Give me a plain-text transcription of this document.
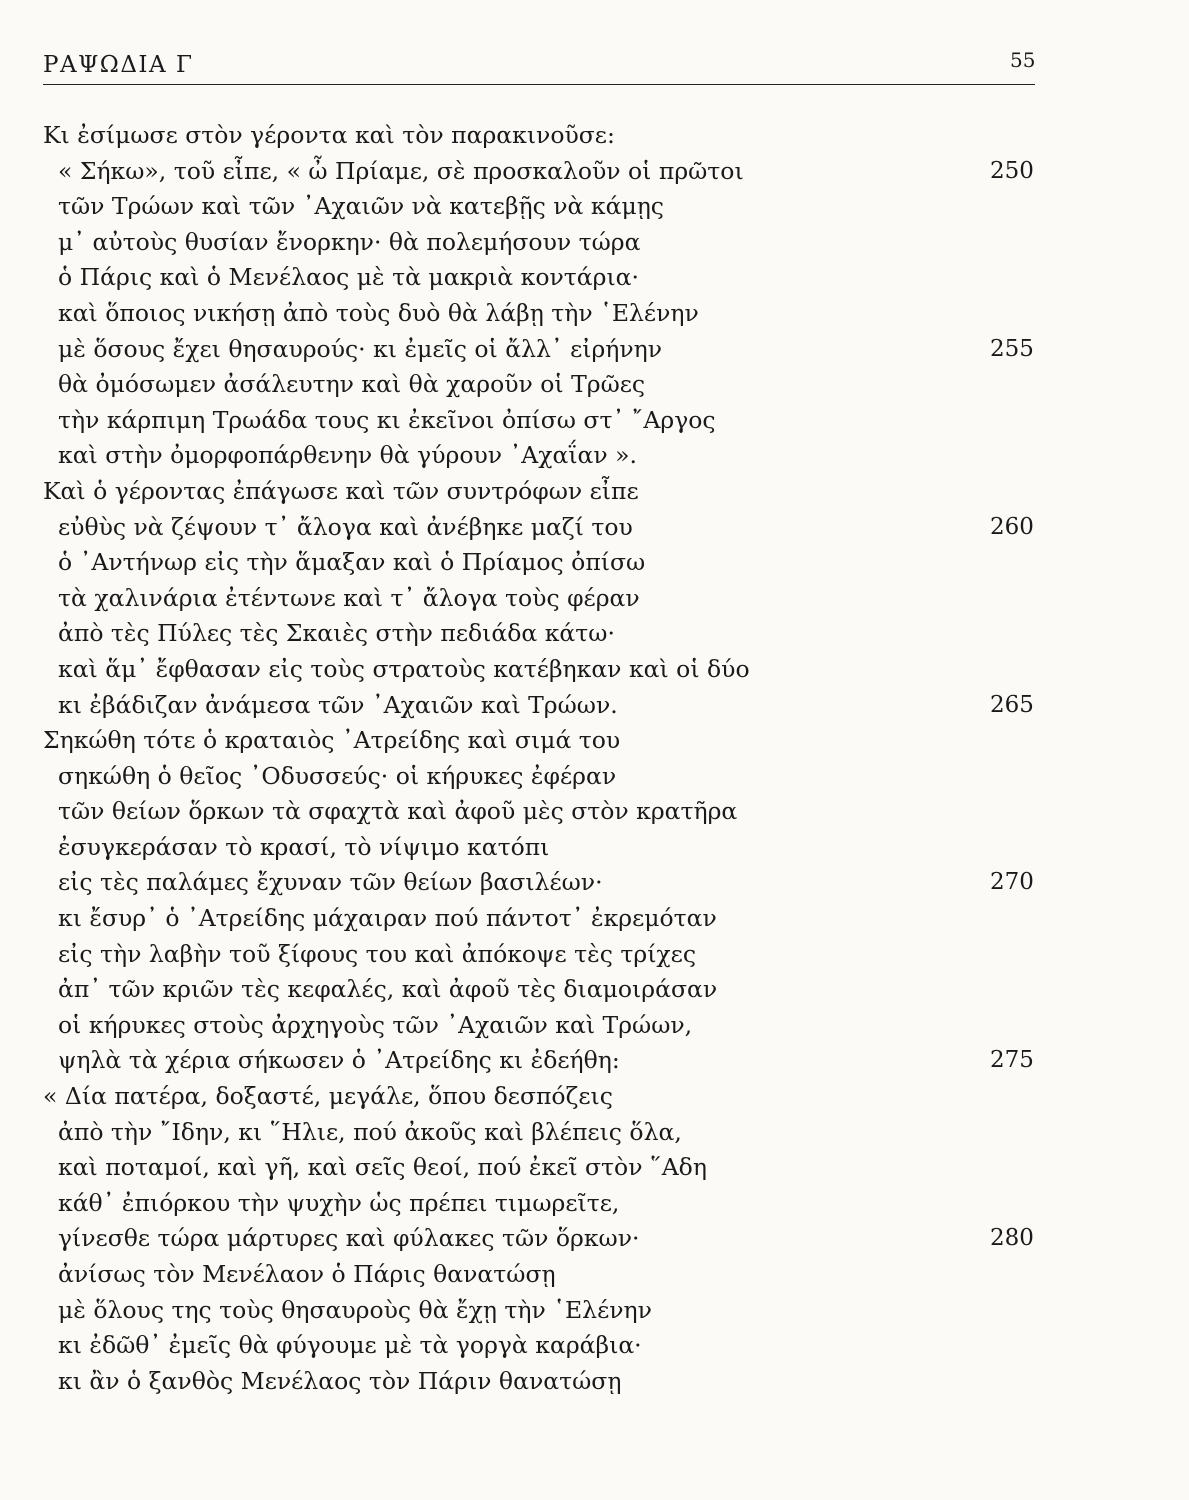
ΡΑΨΩΔΙΑ Γ	55
Κι ἐσίμωσε στὸν γέροντα καὶ τὸν παρακινοῦσε:
« Σήκω», τοῦ εἶπε, « ὦ Πρίαμε, σὲ προσκαλοῦν οἱ πρῶτοι	250
τῶν Τρώων καὶ τῶν ᾿Αχαιῶν νὰ κατεβῇς νὰ κάμῃς
μ᾿ αὐτοὺς θυσίαν ἔνορκην· θὰ πολεμήσουν τώρα
ὁ Πάρις καὶ ὁ Μενέλαος μὲ τὰ μακριὰ κοντάρια·
καὶ ὅποιος νικήσῃ ἀπὸ τοὺς δυὸ θὰ λάβῃ τὴν ῾Ελένην
μὲ ὅσους ἔχει θησαυρούς· κι ἐμεῖς οἱ ἄλλ᾿ εἰρήνην	255
θὰ ὀμόσωμεν ἀσάλευτην καὶ θὰ χαροῦν οἱ Τρῶες
τὴν κάρπιμη Τρωάδα τους κι ἐκεῖνοι ὀπίσω στ᾿ ῎Αργος
καὶ στὴν ὀμορφοπάρθενην θὰ γύρουν ᾿Αχαΐαν ».
Καὶ ὁ γέροντας ἐπάγωσε καὶ τῶν συντρόφων εἶπε
εὐθὺς νὰ ζέψουν τ᾿ ἄλογα καὶ ἀνέβηκε μαζί του	260
ὁ ᾿Αντήνωρ εἰς τὴν ἅμαξαν καὶ ὁ Πρίαμος ὀπίσω
τὰ χαλινάρια ἐτέντωνε καὶ τ᾿ ἄλογα τοὺς φέραν
ἀπὸ τὲς Πύλες τὲς Σκαιὲς στὴν πεδιάδα κάτω·
καὶ ἅμ᾿ ἔφθασαν εἰς τοὺς στρατοὺς κατέβηκαν καὶ οἱ δύο
κι ἐβάδιζαν ἀνάμεσα τῶν ᾿Αχαιῶν καὶ Τρώων.	265
Σηκώθη τότε ὁ κραταιὸς ᾿Ατρείδης καὶ σιμά του
σηκώθη ὁ θεῖος ᾿Οδυσσεύς· οἱ κήρυκες ἐφέραν
τῶν θείων ὅρκων τὰ σφαχτὰ καὶ ἀφοῦ μὲς στὸν κρατῆρα
ἐσυγκεράσαν τὸ κρασί, τὸ νίψιμο κατόπι
εἰς τὲς παλάμες ἔχυναν τῶν θείων βασιλέων·	270
κι ἔσυρ᾿ ὁ ᾿Ατρείδης μάχαιραν πού πάντοτ᾿ ἐκρεμόταν
εἰς τὴν λαβὴν τοῦ ξίφους του καὶ ἀπόκοψε τὲς τρίχες
ἀπ᾿ τῶν κριῶν τὲς κεφαλές, καὶ ἀφοῦ τὲς διαμοιράσαν
οἱ κήρυκες στοὺς ἀρχηγοὺς τῶν ᾿Αχαιῶν καὶ Τρώων,
ψηλὰ τὰ χέρια σήκωσεν ὁ ᾿Ατρείδης κι ἐδεήθη:	275
« Δία πατέρα, δοξαστέ, μεγάλε, ὅπου δεσπόζεις
ἀπὸ τὴν ῎Ιδην, κι ῞Ηλιε, πού ἀκοῦς καὶ βλέπεις ὅλα,
καὶ ποταμοί, καὶ γῆ, καὶ σεῖς θεοί, πού ἐκεῖ στὸν ῞Αδη
κάθ᾿ ἐπιόρκου τὴν ψυχὴν ὡς πρέπει τιμωρεῖτε,
γίνεσθε τώρα μάρτυρες καὶ φύλακες τῶν ὅρκων·	280
ἀνίσως τὸν Μενέλαον ὁ Πάρις θανατώσῃ
μὲ ὅλους της τοὺς θησαυροὺς θὰ ἔχῃ τὴν ῾Ελένην
κι ἐδῶθ᾿ ἐμεῖς θὰ φύγουμε μὲ τὰ γοργὰ καράβια·
κι ἂν ὁ ξανθὸς Μενέλαος τὸν Πάριν θανατώσῃ
